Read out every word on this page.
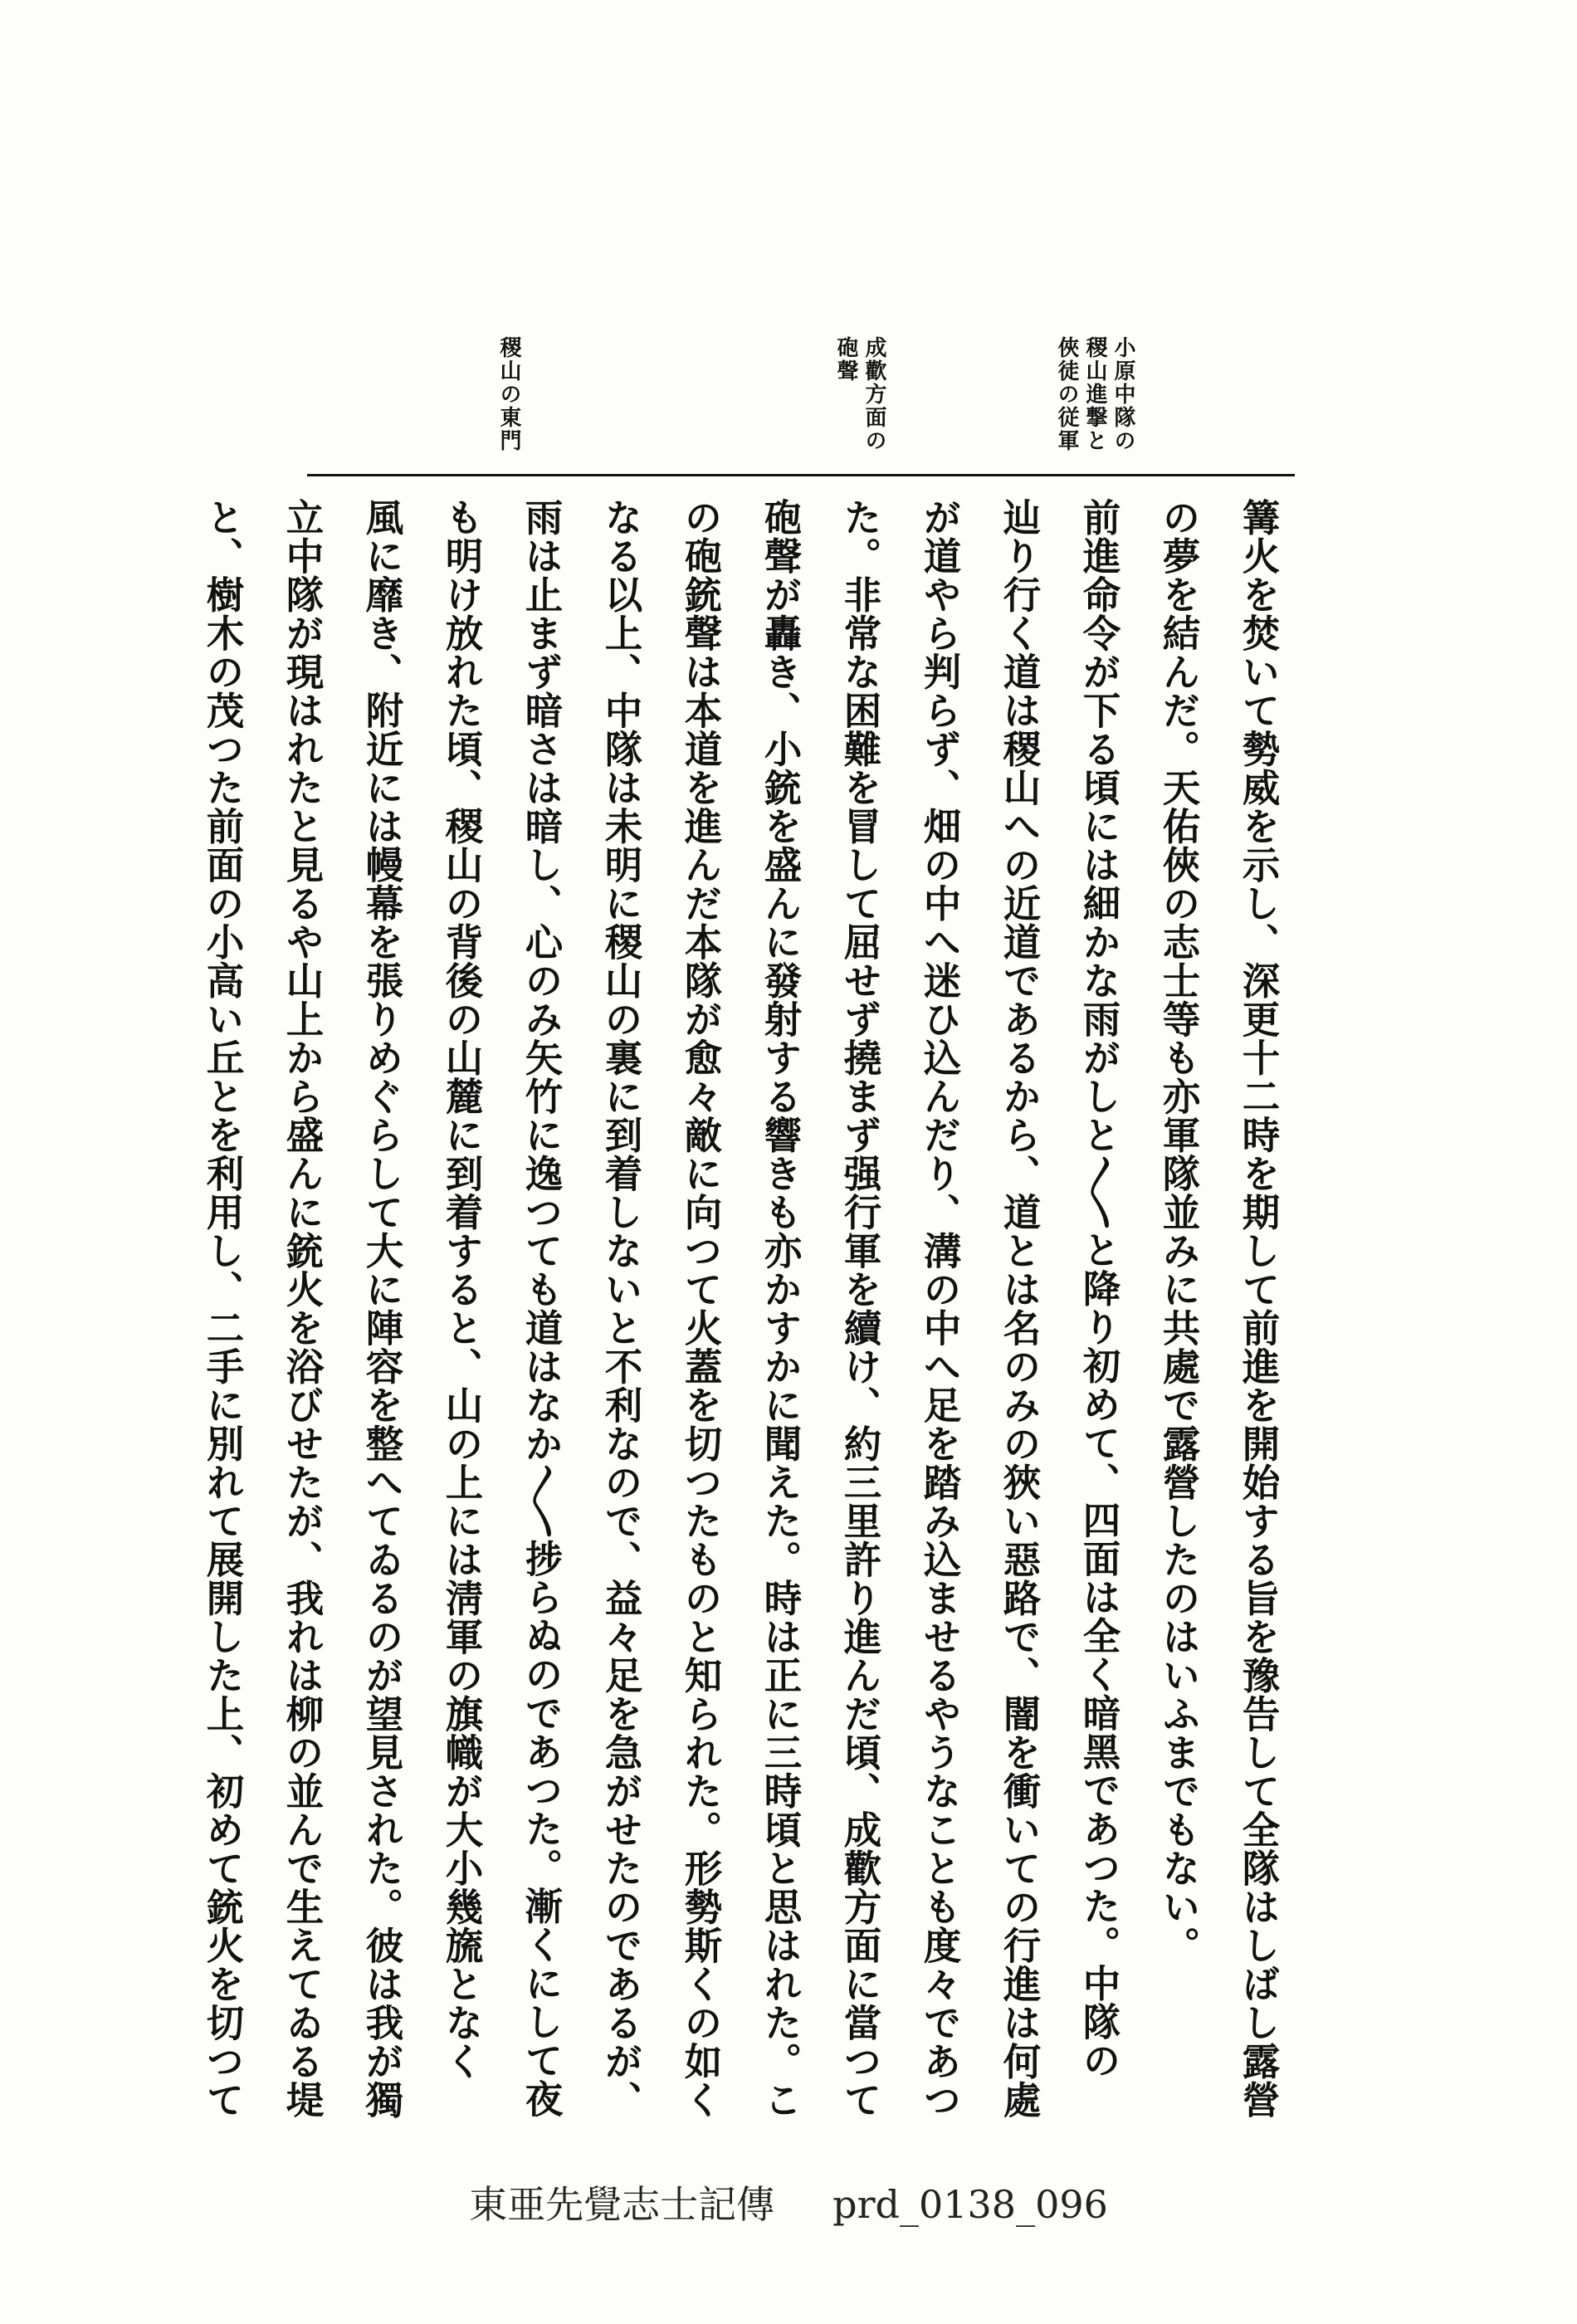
小原中隊の稷山進撃と俠徒の従軍
成歡方面の砲聲
稷山の東門
篝火を焚いて勢威を示し、深更十二時を期して前進を開始する旨を豫告して全隊はしばし露營
の夢を結んだ。天佑俠の志士等も亦軍隊並みに共處で露營したのはいふまでもない。
前進命令が下る頃には細かな雨がしと〳〵と降り初めて、四面は全く暗黑であつた。中隊の
辿り行く道は稷山への近道であるから、道とは名のみの狹い惡路で、闇を衝いての行進は何處
が道やら判らず、畑の中へ迷ひ込んだり、溝の中へ足を踏み込ませるやうなことも度々であつ
た。非常な困難を冒して屈せず撓まず强行軍を續け、約三里許り進んだ頃、成歡方面に當つて
砲聲が轟き、小銃を盛んに發射する響きも亦かすかに聞えた。時は正に三時頃と思はれた。こ
の砲銃聲は本道を進んだ本隊が愈々敵に向つて火蓋を切つたものと知られた。形勢斯くの如く
なる以上、中隊は未明に稷山の裏に到着しないと不利なので、益々足を急がせたのであるが、
雨は止まず暗さは暗し、心のみ矢竹に逸つても道はなか〳〵捗らぬのであつた。漸くにして夜
も明け放れた頃、稷山の背後の山麓に到着すると、山の上には淸軍の旗幟が大小幾旒となく
風に靡き、附近には幔幕を張りめぐらして大に陣容を整へてゐるのが望見された。彼は我が獨
立中隊が現はれたと見るや山上から盛んに銃火を浴びせたが、我れは柳の並んで生えてゐる堤
と、樹木の茂つた前面の小高い丘とを利用し、二手に別れて展開した上、初めて銃火を切つて
東亜先覺志士記傳 prd_0138_096
